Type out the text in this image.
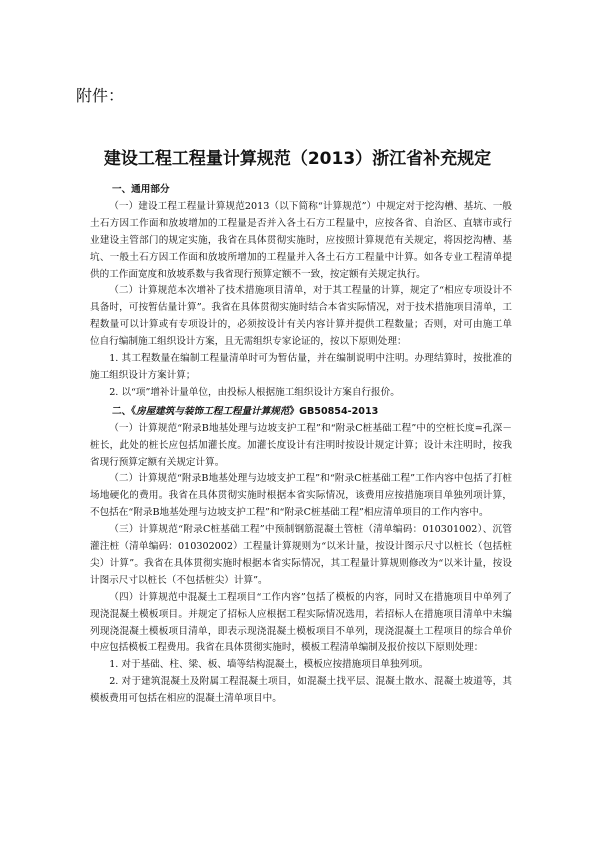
附件：
建设工程工程量计算规范（2013）浙江省补充规定
一、通用部分

（一）建设工程工程量计算规范2013（以下简称“计算规范”）中规定对于挖沟槽、基坑、一般土石方因工作面和放坡增加的工程量是否并入各土石方工程量中，应按各省、自治区、直辖市或行业建设主管部门的规定实施，我省在具体贯彻实施时，应按照计算规范有关规定，将因挖沟槽、基坑、一般土石方因工作面和放坡所增加的工程量并入各土石方工程量中计算。如各专业工程清单提供的工作面宽度和放坡系数与我省现行预算定额不一致，按定额有关规定执行。

（二）计算规范本次增补了技术措施项目清单，对于其工程量的计算，规定了“相应专项设计不具备时，可按暂估量计算”。我省在具体贯彻实施时结合本省实际情况，对于技术措施项目清单，工程数量可以计算或有专项设计的，必须按设计有关内容计算并提供工程数量；否则，对可由施工单位自行编制施工组织设计方案，且无需组织专家论证的，按以下原则处理：

1. 其工程数量在编制工程量清单时可为暂估量，并在编制说明中注明。办理结算时，按批准的施工组织设计方案计算；

2. 以“项”增补计量单位，由投标人根据施工组织设计方案自行报价。

二、《房屋建筑与装饰工程工程量计算规范》GB50854-2013

（一）计算规范“附录B地基处理与边坡支护工程”和“附录C桩基础工程”中的空桩长度=孔深－桩长，此处的桩长应包括加灌长度。加灌长度设计有注明时按设计规定计算；设计未注明时，按我省现行预算定额有关规定计算。

（二）计算规范“附录B地基处理与边坡支护工程”和“附录C桩基础工程”工作内容中包括了打桩场地硬化的费用。我省在具体贯彻实施时根据本省实际情况，该费用应按措施项目单独列项计算，不包括在“附录B地基处理与边坡支护工程”和“附录C桩基础工程”相应清单项目的工作内容中。

（三）计算规范“附录C桩基础工程”中预制钢筋混凝土管桩（清单编码：010301002）、沉管灌注桩（清单编码：010302002）工程量计算规则为“以米计量，按设计图示尺寸以桩长（包括桩尖）计算”。我省在具体贯彻实施时根据本省实际情况，其工程量计算规则修改为“以米计量，按设计图示尺寸以桩长（不包括桩尖）计算”。

（四）计算规范中混凝土工程项目“工作内容”包括了模板的内容，同时又在措施项目中单列了现浇混凝土模板项目。并规定了招标人应根据工程实际情况选用，若招标人在措施项目清单中未编列现浇混凝土模板项目清单，即表示现浇混凝土模板项目不单列，现浇混凝土工程项目的综合单价中应包括模板工程费用。我省在具体贯彻实施时，模板工程清单编制及报价按以下原则处理：

1. 对于基础、柱、梁、板、墙等结构混凝土，模板应按措施项目单独列项。

2. 对于建筑混凝土及附属工程混凝土项目，如混凝土找平层、混凝土散水、混凝土坡道等，其模板费用可包括在相应的混凝土清单项目中。
